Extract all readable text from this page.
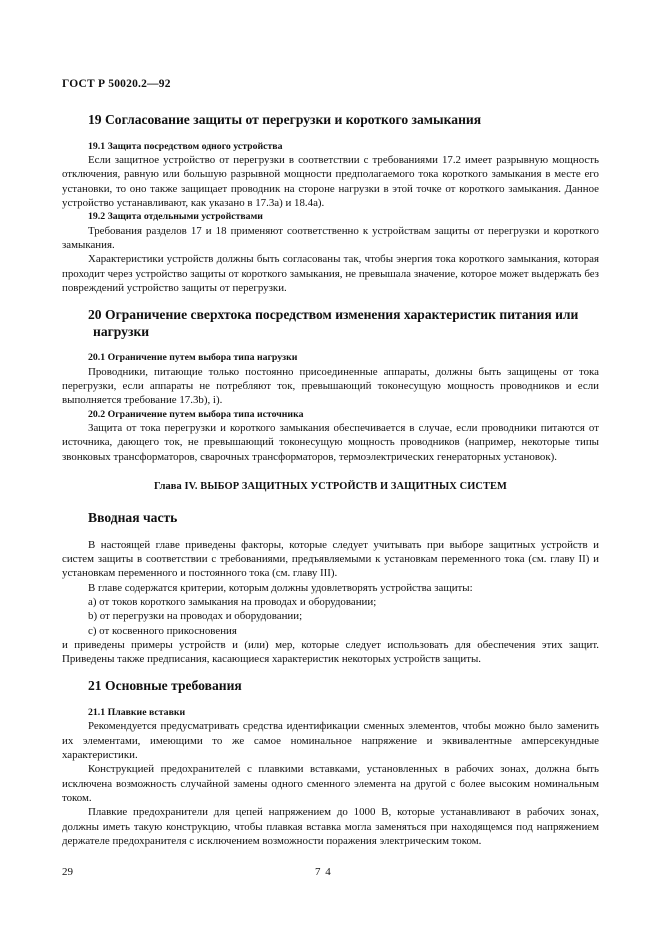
ГОСТ Р 50020.2—92
19 Согласование защиты от перегрузки и короткого замыкания
19.1 Защита посредством одного устройства

Если защитное устройство от перегрузки в соответствии с требованиями 17.2 имеет разрывную мощность отключения, равную или большую разрывной мощности предполагаемого тока короткого замыкания в месте его установки, то оно также защищает проводник на стороне нагрузки в этой точке от короткого замыкания. Данное устройство устанавливают, как указано в 17.3а) и 18.4а).

19.2 Защита отдельными устройствами

Требования разделов 17 и 18 применяют соответственно к устройствам защиты от перегрузки и короткого замыкания.

Характеристики устройств должны быть согласованы так, чтобы энергия тока короткого замыкания, которая проходит через устройство защиты от короткого замыкания, не превышала значение, которое может выдержать без повреждений устройство защиты от перегрузки.

20 Ограничение сверхтока посредством изменения характеристик питания или
нагрузки
20.1 Ограничение путем выбора типа нагрузки

Проводники, питающие только постоянно присоединенные аппараты, должны быть защищены от тока перегрузки, если аппараты не потребляют ток, превышающий токонесущую мощность проводников и если выполняется требование 17.3b), i).

20.2 Ограничение путем выбора типа источника

Защита от тока перегрузки и короткого замыкания обеспечивается в случае, если проводники питаются от источника, дающего ток, не превышающий токонесущую мощность проводников (например, некоторые типы звонковых трансформаторов, сварочных трансформаторов, термоэлектрических генераторных установок).

Глава IV. ВЫБОР ЗАЩИТНЫХ УСТРОЙСТВ И ЗАЩИТНЫХ СИСТЕМ
Вводная часть

В настоящей главе приведены факторы, которые следует учитывать при выборе защитных устройств и систем защиты в соответствии с требованиями, предъявляемыми к установкам переменного тока (см. главу II) и установкам переменного и постоянного тока (см. главу III).

В главе содержатся критерии, которым должны удовлетворять устройства защиты:

a) от токов короткого замыкания на проводах и оборудовании;
b) от перегрузки на проводах и оборудовании;
c) от косвенного прикосновения

и приведены примеры устройств и (или) мер, которые следует использовать для обеспечения этих защит. Приведены также предписания, касающиеся характеристик некоторых устройств защиты.

21 Основные требования
21.1 Плавкие вставки

Рекомендуется предусматривать средства идентификации сменных элементов, чтобы можно было заменить их элементами, имеющими то же самое номинальное напряжение и эквивалентные амперсекундные характеристики.

Конструкцией предохранителей с плавкими вставками, установленных в рабочих зонах, должна быть исключена возможность случайной замены одного сменного элемента на другой с более высоким номинальным током.

Плавкие предохранители для цепей напряжением до 1000 В, которые устанавливают в рабочих зонах, должны иметь такую конструкцию, чтобы плавкая вставка могла заменяться при находящемся под напряжением держателе предохранителя с исключением возможности поражения электрическим током.

29	7 4
